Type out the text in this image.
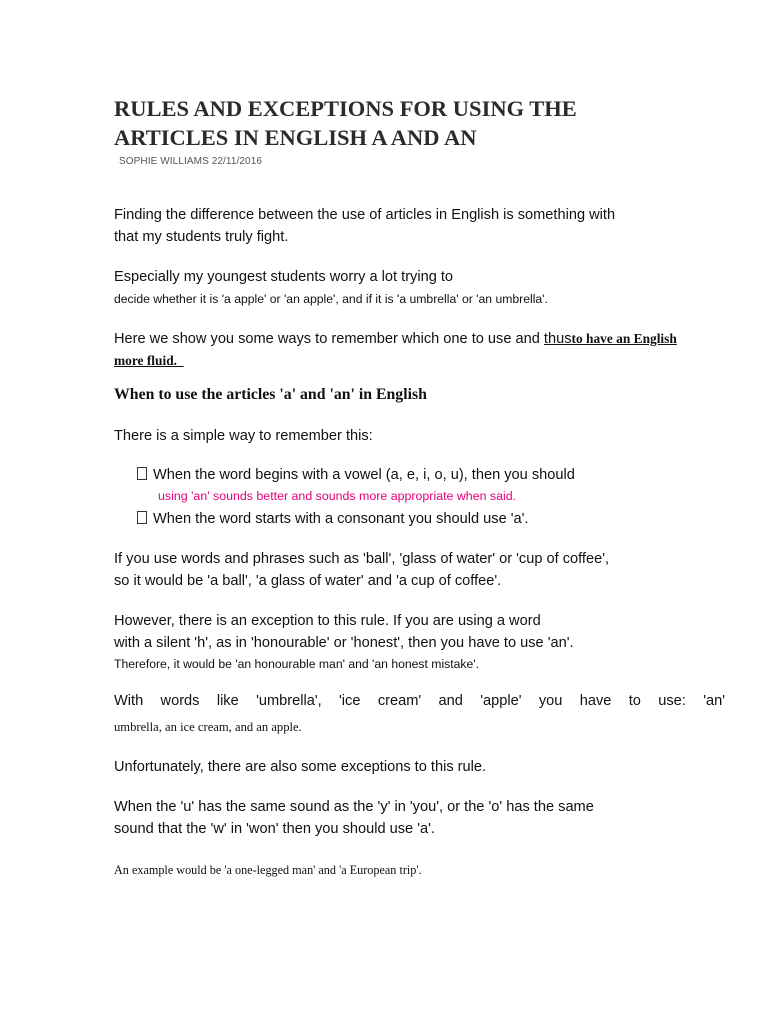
RULES AND EXCEPTIONS FOR USING THE
ARTICLES IN ENGLISH A AND AN
SOPHIE WILLIAMS 22/11/2016

Finding the difference between the use of articles in English is something with

that my students truly fight.

Especially my youngest students worry a lot trying to

decide whether it is 'a apple' or 'an apple', and if it is 'a umbrella' or 'an umbrella'.

Here we show you some ways to remember which one to use and thusto have an English

more fluid.

When to use the articles 'a' and 'an' in English

There is a simple way to remember this:

When the word begins with a vowel (a, e, i, o, u), then you should
using 'an' sounds better and sounds more appropriate when said.
When the word starts with a consonant you should use 'a'.

If you use words and phrases such as 'ball', 'glass of water' or 'cup of coffee',

so it would be 'a ball', 'a glass of water' and 'a cup of coffee'.

However, there is an exception to this rule. If you are using a word

with a silent 'h', as in 'honourable' or 'honest', then you have to use 'an'.

Therefore, it would be 'an honourable man' and 'an honest mistake'.

With words like 'umbrella', 'ice cream' and 'apple' you have to use: 'an'

umbrella, an ice cream, and an apple.

Unfortunately, there are also some exceptions to this rule.

When the 'u' has the same sound as the 'y' in 'you', or the 'o' has the same

sound that the 'w' in 'won' then you should use 'a'.

An example would be 'a one-legged man' and 'a European trip'.
